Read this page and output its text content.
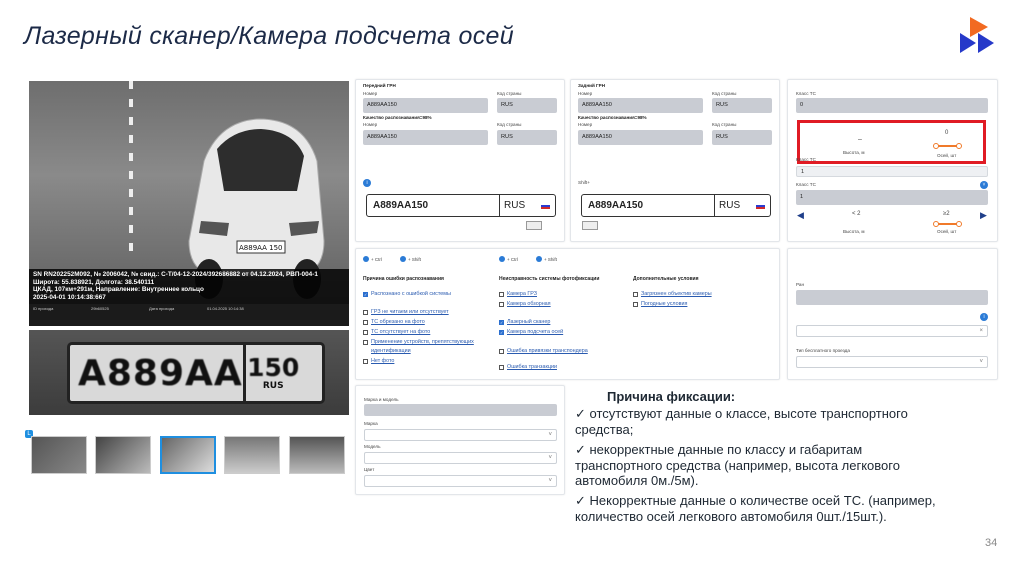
Лазерный сканер/Камера подсчета осей
A889AA 150
SN RN202252M092, № 2006042, № свид.: С-Т/04-12-2024/392686882 от 04.12.2024, РВП-004-1
Широта: 55.838921, Долгота: 38.540111
ЦКАД, 107км+291м, Направление: Внутреннее кольцо
2025-04-01 10:14:38:667
ID прохода	29b60525	Дата прохода	01.04.2025 10:14:38
A889AA 150
RUS
L
Передний ГРН
Номер	Код страны
A889AA150	RUS
Качество распознавания=98%
Номер	Код страны
A889AA150	RUS
i
A889AA150	RUS
Задний ГРН
Номер	Код страны
A889AA150	RUS
Качество распознавания=98%
Номер	Код страны
A889AA150	RUS
Shift+
A889AA150	RUS
Класс ТС
0
Высота, м
–
0
Осей, шт
Класс ТС
1
Класс ТС	˅
1
◀	▶
< 2	≥2
Высота, м	Осей, шт
+ Ctrl	+ Shift	+ Ctrl	+ Shift
Причина ошибки распознавания	Неисправность системы фотофиксации	Дополнительные условия
✓ Распознано с ошибкой системы
ГРЗ не читаем или отсутствует
ТС обрезано на фото
ТС отсутствует на фото
Применение устройств, препятствующих
идентификации
Нет фото
Камера ГРЗ
Камера обзорная
✓ Лазерный сканер
✓ Камера подсчета осей
Ошибка привязки транспондера
Ошибка транзакции
Загрязнен объектив камеры
Погодные условия
Ран
i
×
Тип бесплатного проезда
˅
Марка и модель
Марка
˅
Модель
˅
Цвет
˅
Причина фиксации:
✓ отсутствуют данные о классе, высоте транспортного средства;
✓ некорректные данные по классу и габаритам транспортного средства (например, высота легкового автомобиля 0м./5м).
✓ Некорректные данные о количестве осей ТС. (например, количество осей легкового автомобиля 0шт./15шт.).
34
